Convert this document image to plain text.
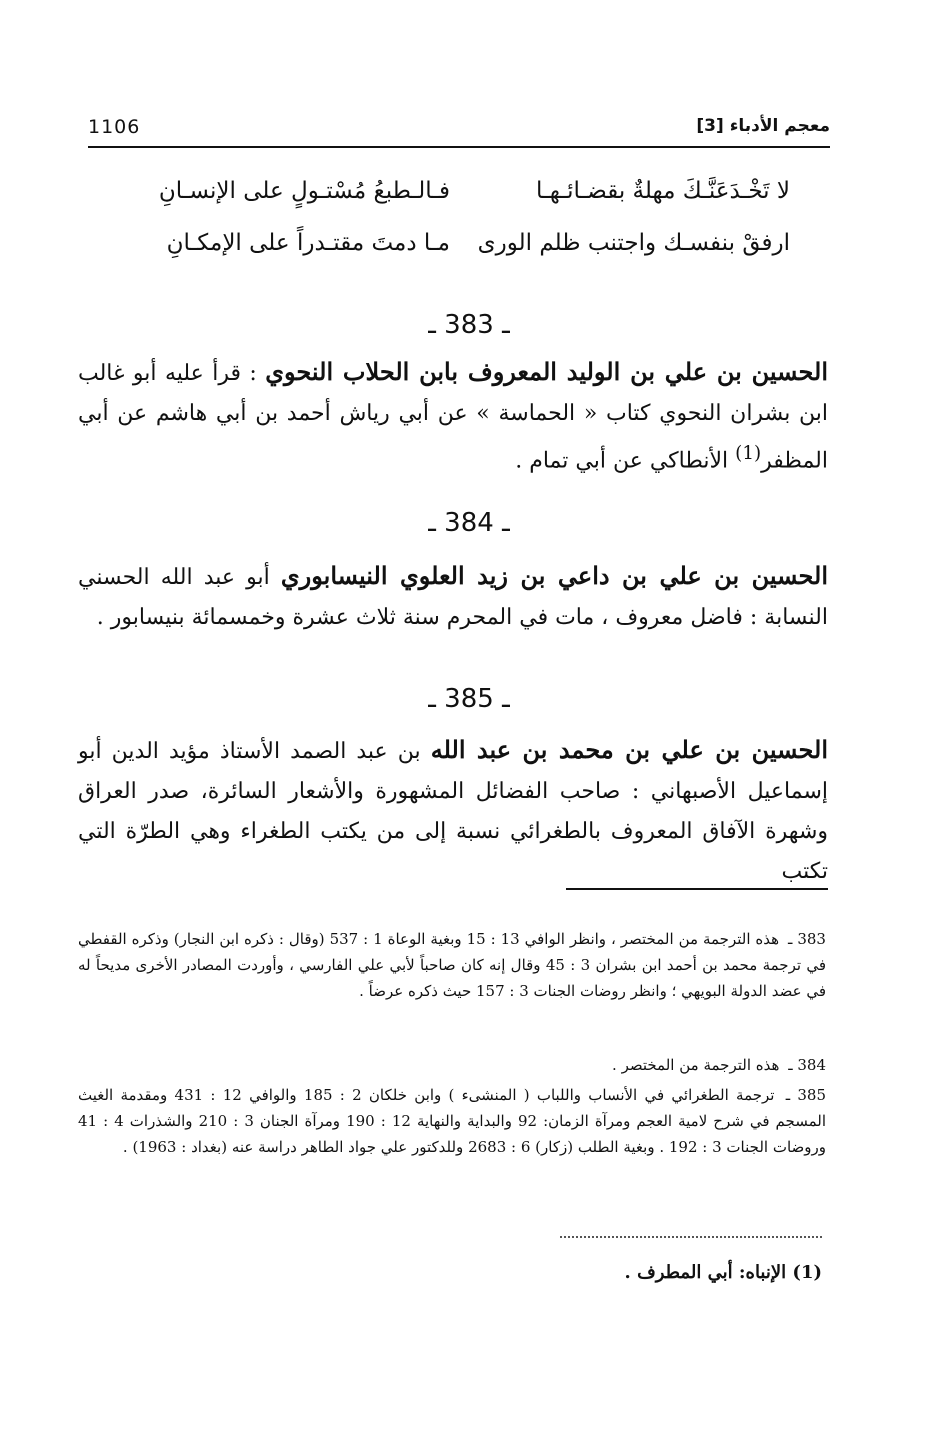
معجم الأدباء [3]
1106
لا تَخْـدَعَنَّـكَ مهلةٌ بقضـائـهـا
فـالـطبعُ مُسْتـولٍ على الإنسـانِ
ارفقْ بنفسـك واجتنب ظلم الورى
مـا دمتَ مقتـدراً على الإمكـانِ
ـ 383 ـ
الحسين بن علي بن الوليد المعروف بابن الحلاب النحوي : قرأ عليه أبو غالب ابن بشران النحوي كتاب « الحماسة » عن أبي رياش أحمد بن أبي هاشم عن أبي المظفر$^{(1)}$ الأنطاكي عن أبي تمام .
ـ 384 ـ
الحسين بن علي بن داعي بن زيد العلوي النيسابوري أبو عبد الله الحسني النسابة : فاضل معروف ، مات في المحرم سنة ثلاث عشرة وخمسمائة بنيسابور .
ـ 385 ـ
الحسين بن علي بن محمد بن عبد الله بن عبد الصمد الأستاذ مؤيد الدين أبو إسماعيل الأصبهاني : صاحب الفضائل المشهورة والأشعار السائرة، صدر العراق وشهرة الآفاق المعروف بالطغرائي نسبة إلى من يكتب الطغراء وهي الطرّة التي تكتب
383 ـ هذه الترجمة من المختصر ، وانظر الوافي 13 : 15 وبغية الوعاة 1 : 537 (وقال : ذكره ابن النجار) وذكره القفطي في ترجمة محمد بن أحمد ابن بشران 3 : 45 وقال إنه كان صاحباً لأبي علي الفارسي ، وأوردت المصادر الأخرى مديحاً له في عضد الدولة البويهي ؛ وانظر روضات الجنات 3 : 157 حيث ذكره عرضاً .
384 ـ هذه الترجمة من المختصر .
385 ـ ترجمة الطغرائي في الأنساب واللباب ( المنشىء ) وابن خلكان 2 : 185 والوافي 12 : 431 ومقدمة الغيث المسجم في شرح لامية العجم ومرآة الزمان: 92 والبداية والنهاية 12 : 190 ومرآة الجنان 3 : 210 والشذرات 4 : 41 وروضات الجنات 3 : 192 . وبغية الطلب (زكار) 6 : 2683 وللدكتور علي جواد الطاهر دراسة عنه (بغداد : 1963) .
(1) الإنباه: أبي المطرف .
